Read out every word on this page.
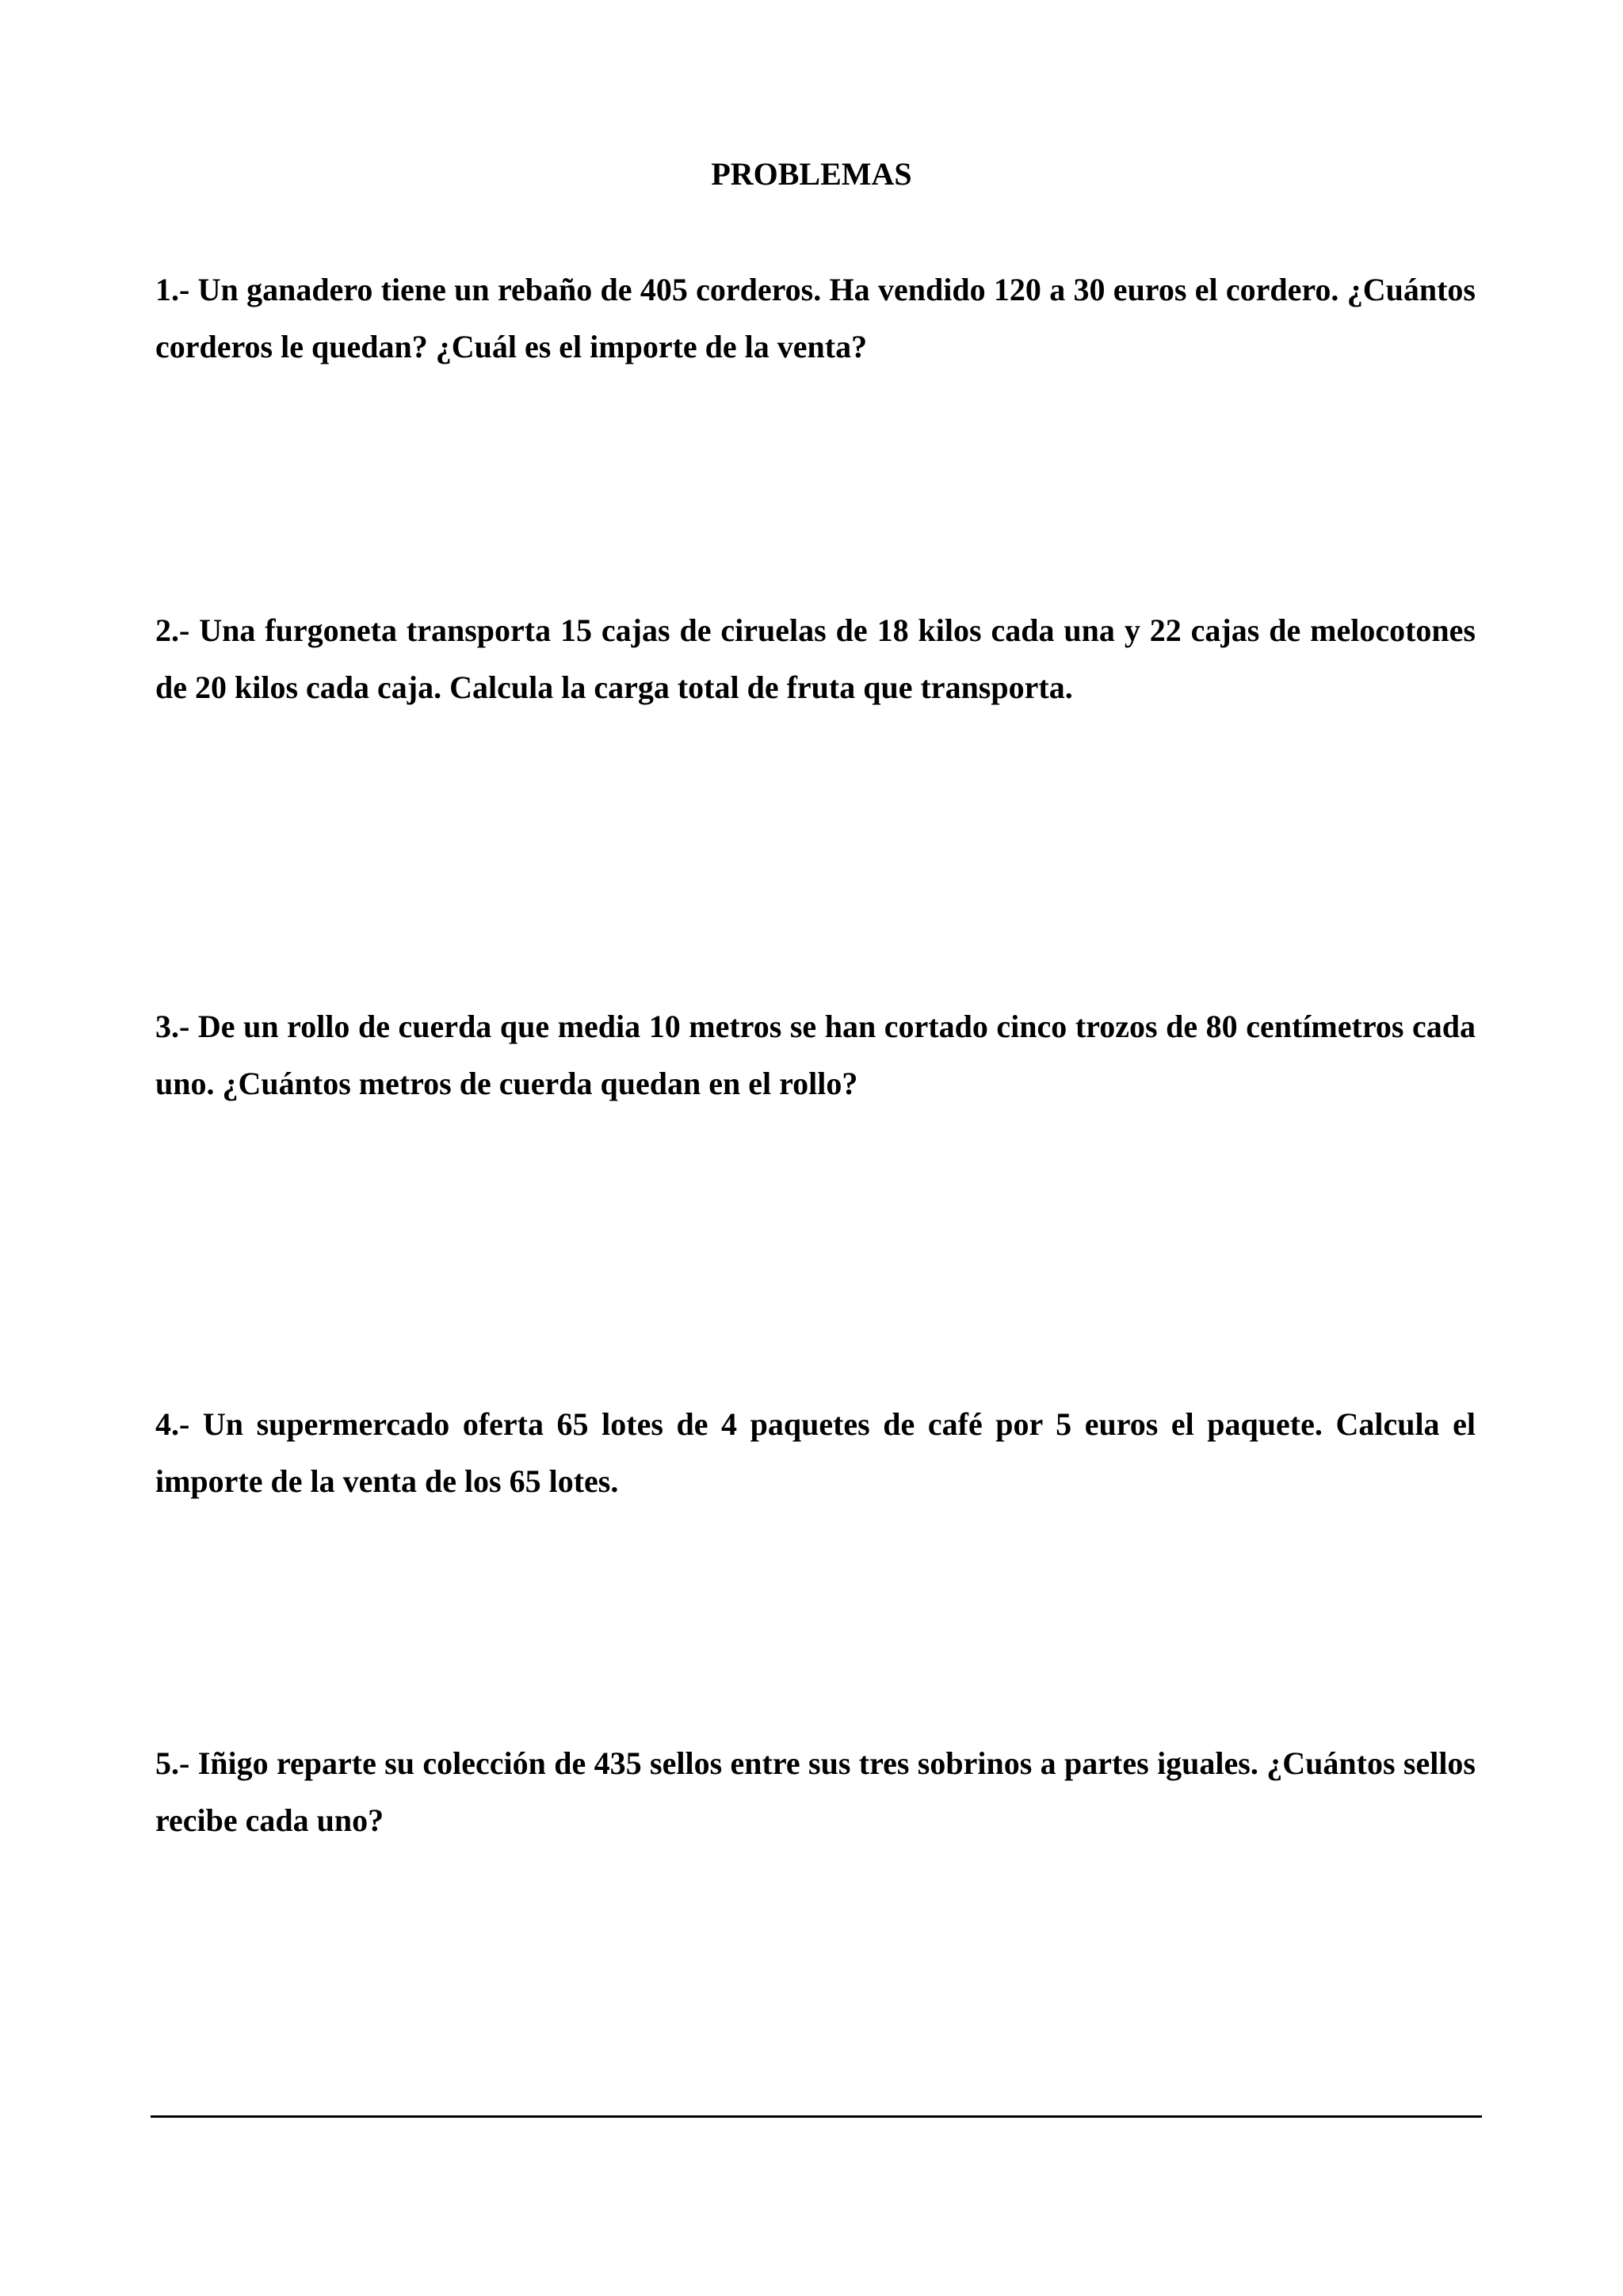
PROBLEMAS

1.- Un ganadero tiene un rebaño de 405 corderos. Ha vendido 120 a 30 euros el cordero. ¿Cuántos corderos le quedan? ¿Cuál es el importe de la venta?

2.- Una furgoneta transporta 15 cajas de ciruelas de 18 kilos cada una y 22 cajas de melocotones de 20 kilos cada caja. Calcula la carga total de fruta que transporta.

3.- De un rollo de cuerda que media 10 metros se han cortado cinco trozos de 80 centímetros cada uno. ¿Cuántos metros de cuerda quedan en el rollo?

4.- Un supermercado oferta 65 lotes de 4 paquetes de café por 5 euros el paquete. Calcula el importe de la venta de los 65 lotes.

5.- Iñigo reparte su colección de 435 sellos entre sus tres sobrinos a partes iguales. ¿Cuántos sellos recibe cada uno?
